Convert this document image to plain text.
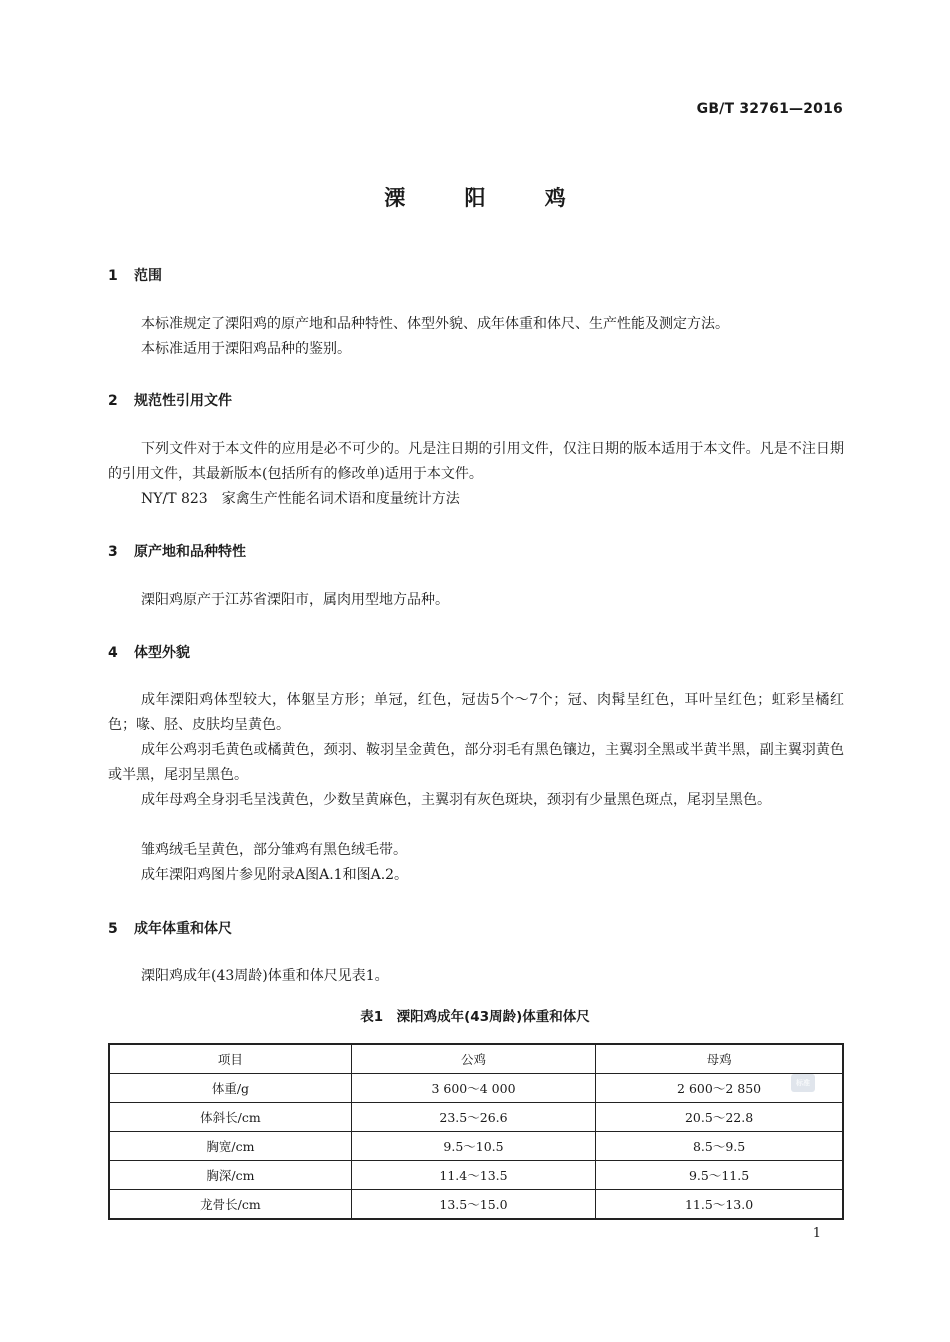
GB/T 32761—2016
溧 阳 鸡
1 范围

本标准规定了溧阳鸡的原产地和品种特性、体型外貌、成年体重和体尺、生产性能及测定方法。

本标准适用于溧阳鸡品种的鉴别。

2 规范性引用文件

下列文件对于本文件的应用是必不可少的。凡是注日期的引用文件，仅注日期的版本适用于本文件。凡是不注日期的引用文件，其最新版本(包括所有的修改单)适用于本文件。

NY/T 823　家禽生产性能名词术语和度量统计方法

3 原产地和品种特性

溧阳鸡原产于江苏省溧阳市，属肉用型地方品种。

4 体型外貌

成年溧阳鸡体型较大，体躯呈方形；单冠，红色，冠齿5个～7个；冠、肉髯呈红色，耳叶呈红色；虹彩呈橘红色；喙、胫、皮肤均呈黄色。

成年公鸡羽毛黄色或橘黄色，颈羽、鞍羽呈金黄色，部分羽毛有黑色镶边，主翼羽全黑或半黄半黑，副主翼羽黄色或半黑，尾羽呈黑色。

成年母鸡全身羽毛呈浅黄色，少数呈黄麻色，主翼羽有灰色斑块，颈羽有少量黑色斑点，尾羽呈黑色。

雏鸡绒毛呈黄色，部分雏鸡有黑色绒毛带。

成年溧阳鸡图片参见附录A图A.1和图A.2。

5 成年体重和体尺

溧阳鸡成年(43周龄)体重和体尺见表1。

表1　溧阳鸡成年(43周龄)体重和体尺
项目	公鸡	母鸡
体重/g	3 600～4 000	2 600～2 850
体斜长/cm	23.5～26.6	20.5～22.8
胸宽/cm	9.5～10.5	8.5～9.5
胸深/cm	11.4～13.5	9.5～11.5
龙骨长/cm	13.5～15.0	11.5～13.0
标准
1
